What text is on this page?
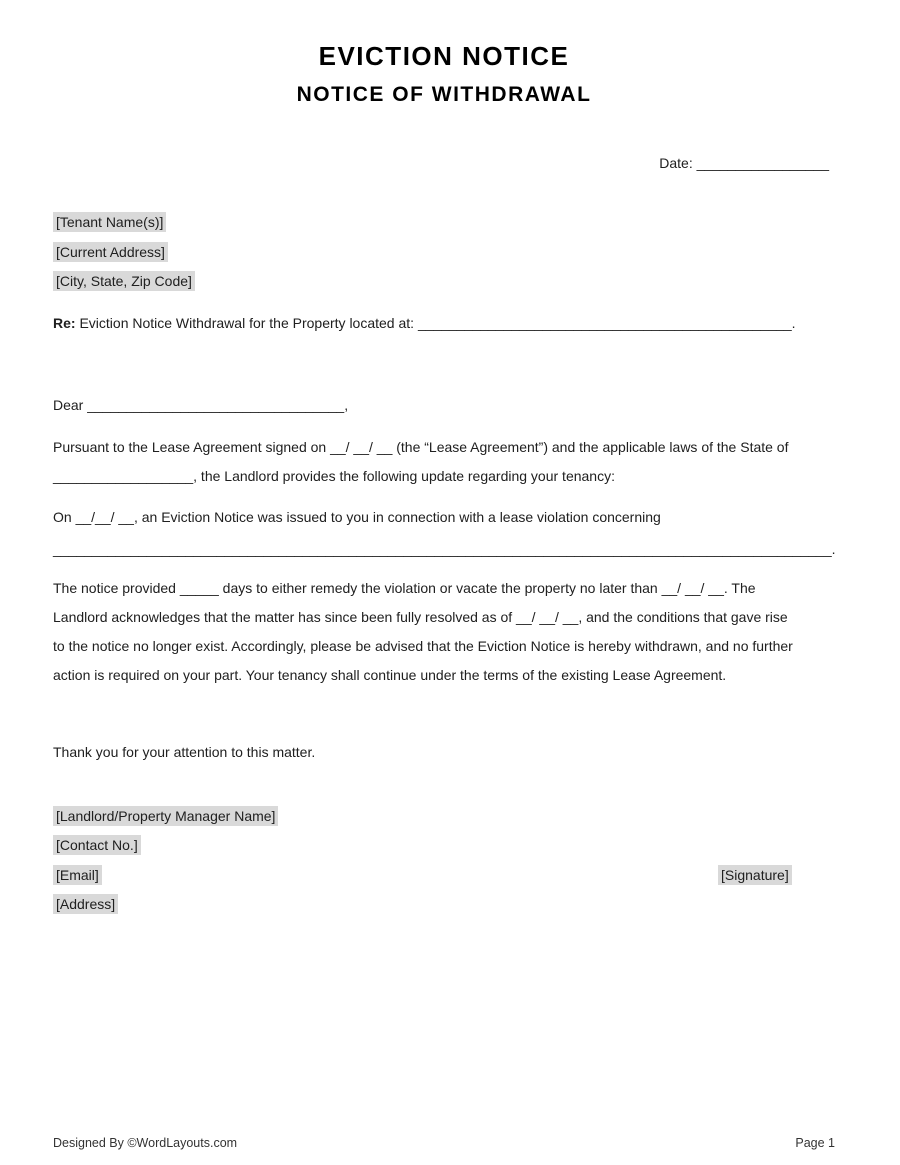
EVICTION NOTICE
NOTICE OF WITHDRAWAL
Date: _________________
[Tenant Name(s)]
[Current Address]
[City, State, Zip Code]
Re: Eviction Notice Withdrawal for the Property located at: ________________________________________________.
Dear _________________________________,
Pursuant to the Lease Agreement signed on __/ __/ __ (the “Lease Agreement”) and the applicable laws of the State of
__________________, the Landlord provides the following update regarding your tenancy:
On __/__/ __, an Eviction Notice was issued to you in connection with a lease violation concerning
____________________________________________________________________________________________________.
The notice provided _____ days to either remedy the violation or vacate the property no later than __/ __/ __. The
Landlord acknowledges that the matter has since been fully resolved as of __/ __/ __, and the conditions that gave rise
to the notice no longer exist. Accordingly, please be advised that the Eviction Notice is hereby withdrawn, and no further
action is required on your part. Your tenancy shall continue under the terms of the existing Lease Agreement.
Thank you for your attention to this matter.
[Landlord/Property Manager Name]
[Contact No.]
[Email]	[Signature]
[Address]
Designed By ©WordLayouts.com	Page 1
